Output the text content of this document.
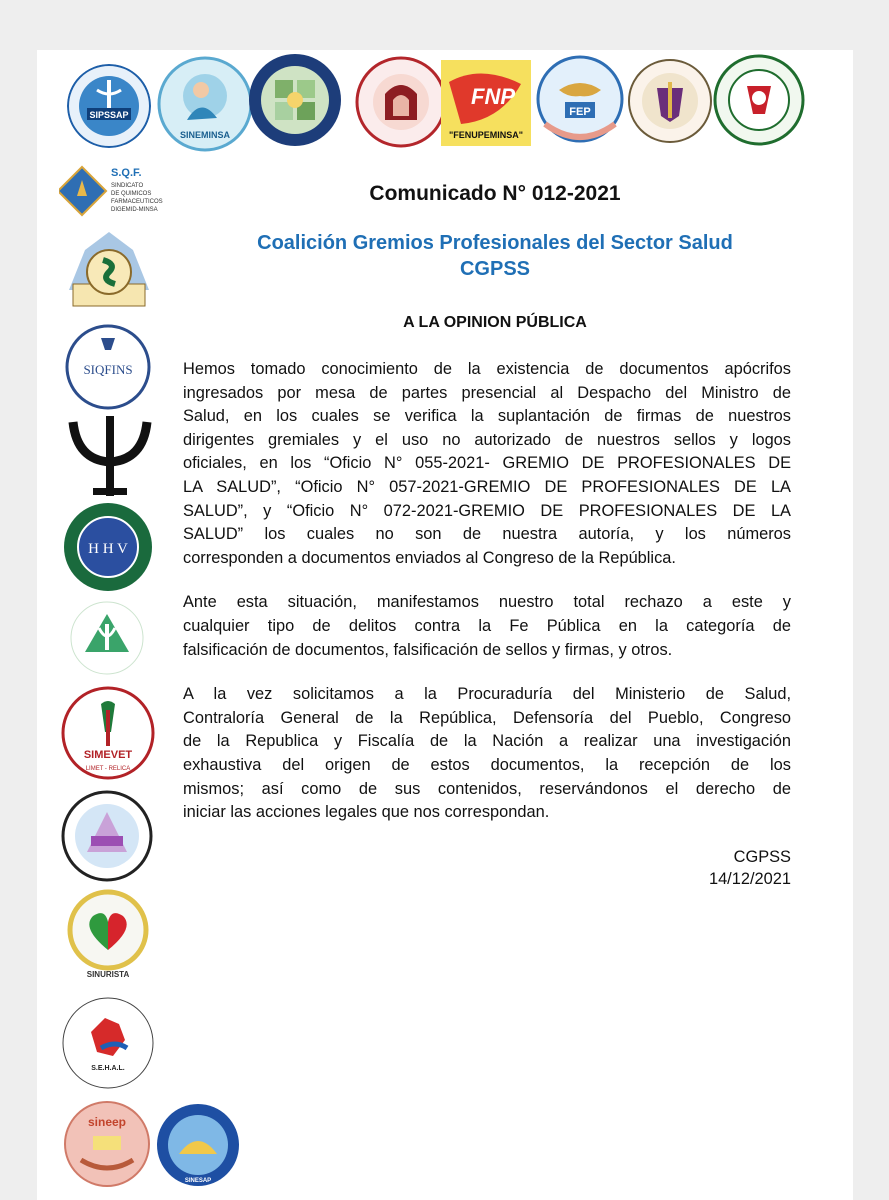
SIPSSAP
SINEMINSA
FNP
"FENUPEMINSA"
FEP
S.Q.F.
SINDICATO
DE QUIMICOS
FARMACEUTICOS
DIGEMID-MINSA
SIQFINS
H H V
SIMEVET
LIMET - RELICA
SINURISTA
S.E.H.A.L.
sineep
SINESAP
Comunicado N° 012-2021
Coalición Gremios Profesionales del Sector Salud
CGPSS
A LA OPINION PÚBLICA
Hemos tomado conocimiento de la existencia de documentos apócrifos
ingresados por mesa de partes presencial al Despacho del Ministro de
Salud, en los cuales se verifica la suplantación de firmas de nuestros
dirigentes gremiales y el uso no autorizado de nuestros sellos y logos
oficiales, en los “Oficio N° 055-2021- GREMIO DE PROFESIONALES DE
LA SALUD”, “Oficio N° 057-2021-GREMIO DE PROFESIONALES DE LA
SALUD”, y “Oficio N° 072-2021-GREMIO DE PROFESIONALES DE LA
SALUD” los cuales no son de nuestra autoría, y los números
corresponden a documentos enviados al Congreso de la República.
Ante esta situación, manifestamos nuestro total rechazo a este y
cualquier tipo de delitos contra la Fe Pública en la categoría de
falsificación de documentos, falsificación de sellos y firmas, y otros.
A la vez solicitamos a la Procuraduría del Ministerio de Salud,
Contraloría General de la República, Defensoría del Pueblo, Congreso
de la Republica y Fiscalía de la Nación a realizar una investigación
exhaustiva del origen de estos documentos, la recepción de los
mismos; así como de sus contenidos, reservándonos el derecho de
iniciar las acciones legales que nos correspondan.
CGPSS
14/12/2021
